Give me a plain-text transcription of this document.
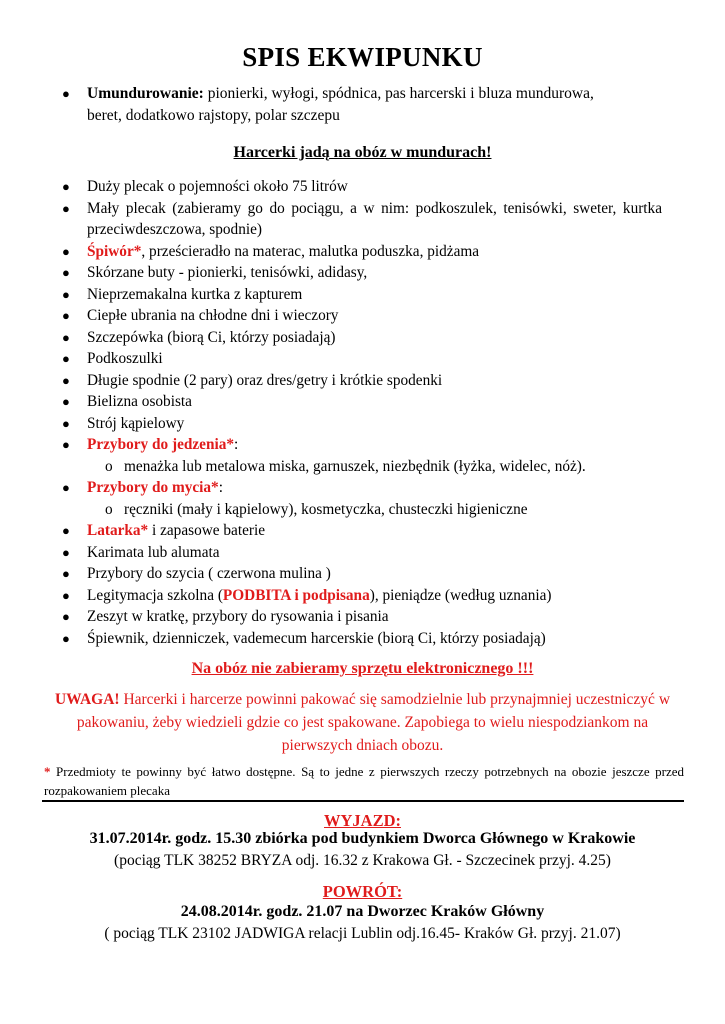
SPIS EKWIPUNKU
● Umundurowanie: pionierki, wyłogi, spódnica, pas harcerski i bluza mundurowa,
beret, dodatkowo rajstopy, polar szczepu
Harcerki jadą na obóz w mundurach!
● Duży plecak o pojemności około 75 litrów
● Mały plecak (zabieramy go do pociągu, a w nim: podkoszulek, tenisówki, sweter, kurtka przeciwdeszczowa, spodnie)
● Śpiwór*, prześcieradło na materac, malutka poduszka, pidżama
● Skórzane buty - pionierki, tenisówki, adidasy,
● Nieprzemakalna kurtka z kapturem
● Ciepłe ubrania na chłodne dni i wieczory
● Szczepówka (biorą Ci, którzy posiadają)
● Podkoszulki
● Długie spodnie (2 pary) oraz dres/getry i krótkie spodenki
● Bielizna osobista
● Strój kąpielowy
● Przybory do jedzenia*:
o menażka lub metalowa miska, garnuszek, niezbędnik (łyżka, widelec, nóż).
● Przybory do mycia*:
o ręczniki (mały i kąpielowy), kosmetyczka, chusteczki higieniczne
● Latarka* i zapasowe baterie
● Karimata lub alumata
● Przybory do szycia ( czerwona mulina )
● Legitymacja szkolna (PODBITA i podpisana), pieniądze (według uznania)
● Zeszyt w kratkę, przybory do rysowania i pisania
● Śpiewnik, dzienniczek, vademecum harcerskie (biorą Ci, którzy posiadają)
Na obóz nie zabieramy sprzętu elektronicznego !!!
UWAGA! Harcerki i harcerze powinni pakować się samodzielnie lub przynajmniej uczestniczyć w pakowaniu, żeby wiedzieli gdzie co jest spakowane. Zapobiega to wielu niespodziankom na pierwszych dniach obozu.
* Przedmioty te powinny być łatwo dostępne. Są to jedne z pierwszych rzeczy potrzebnych na obozie jeszcze przed rozpakowaniem plecaka
WYJAZD:
31.07.2014r. godz. 15.30 zbiórka pod budynkiem Dworca Głównego w Krakowie
(pociąg TLK 38252 BRYZA odj. 16.32 z Krakowa Gł. - Szczecinek przyj. 4.25)
POWRÓT:
24.08.2014r. godz. 21.07 na Dworzec Kraków Główny
( pociąg TLK 23102 JADWIGA relacji Lublin odj.16.45- Kraków Gł. przyj. 21.07)
